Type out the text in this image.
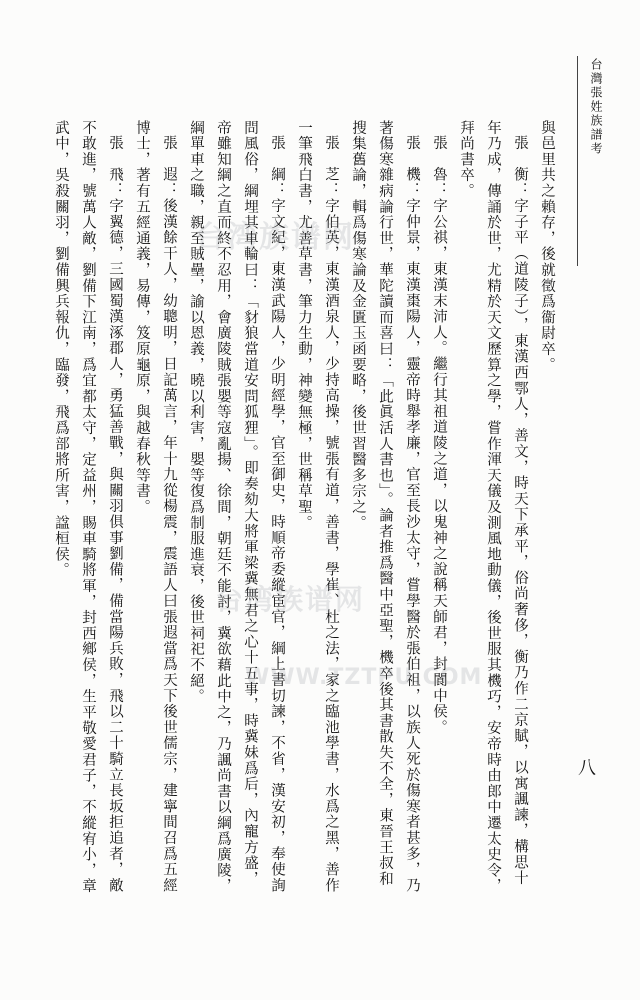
台灣張姓族譜考

與邑里共之賴存，後就徵爲衞尉卒。

張　衡：字子平（道陵子），東漢西鄂人，善文，時天下承平，俗尚奢侈，衡乃作二京賦，以寓諷諫，構思十年乃成，傳誦於世，尤精於天文歷算之學，嘗作渾天儀及測風地動儀，後世服其機巧，安帝時由郎中遷太史令，拜尚書卒。

張　魯：字公祺，東漢末沛人。繼行其祖道陵之道，以鬼神之說稱天師君，封閬中侯。

張　機：字仲景，東漢棗陽人，靈帝時舉孝廉，官至長沙太守，嘗學醫於張伯祖，以族人死於傷寒者甚多，乃著傷寒雜病論行世，華陀讀而喜曰：「此眞活人書也」。論者推爲醫中亞聖，機卒後其書散失不全，東晉王叔和搜集舊論，輯爲傷寒論及金匱玉函要略，後世習醫多宗之。

張　芝：字伯英，東漢酒泉人，少持高操，號張有道，善書，學崔、杜之法，家之臨池學書，水爲之黑，善作一筆飛白書，尤善草書，筆力生動，神變無極，世稱草聖。

張　綱：字文紀，東漢武陽人，少明經學，官至御史，時順帝委縱宦官，綱上書切諫，不省，漢安初，奉使詢問風俗，綱埋其車輪曰：「豺狼當道安問狐狸」。即奏劾大將軍梁冀無君之心十五事，時冀妹爲后，內寵方盛，帝雖知綱之直而終不忍用，會廣陵賊張嬰等寇亂揚、徐間，朝廷不能討，冀欲藉此中之，乃諷尚書以綱爲廣陵，綱單車之職，親至賊壘，諭以恩義，曉以利害，嬰等復爲制服進衰，後世祠祀不絕。

張　遐：後漢餘干人，幼聰明，日記萬言，年十九從楊震，震語人曰張遐當爲天下後世儒宗，建寧間召爲五經博士，著有五經通義，易傳，笈原龜原，與越春秋等書。

張　飛：字翼德，三國蜀漢涿郡人，勇猛善戰，與關羽俱事劉備，備當陽兵敗，飛以二十騎立長坂拒追者，敵不敢進，號萬人敵，劉備下江南，爲宜都太守，定益州，賜車騎將軍，封西鄉侯，生平敬愛君子，不縱宥小，章武中，吳殺關羽，劉備興兵報仇，臨發，飛爲部將所害，諡桓侯。

八
台湾族谱网
台湾族谱网
WWW.TZTPU.COM
